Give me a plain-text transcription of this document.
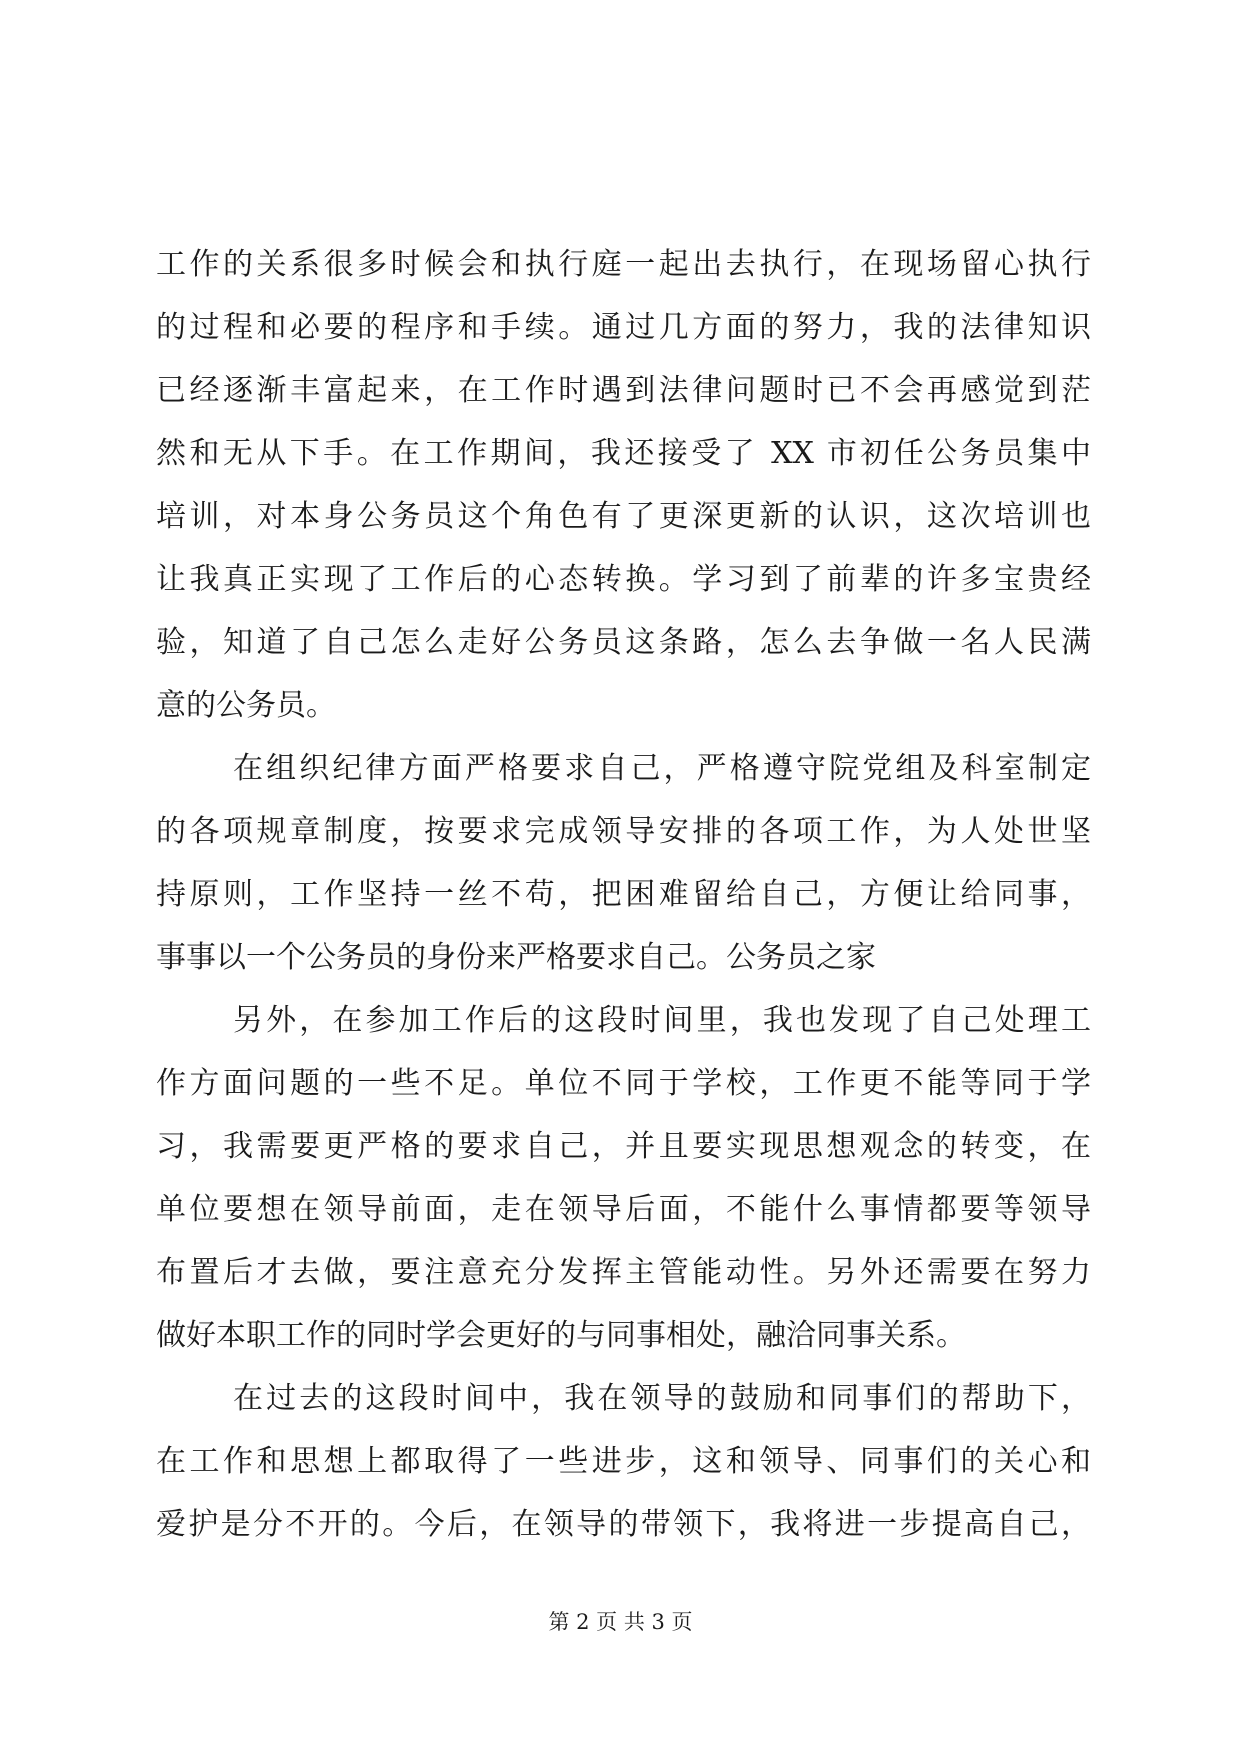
工作的关系很多时候会和执行庭一起出去执行，在现场留心执行
的过程和必要的程序和手续。通过几方面的努力，我的法律知识
已经逐渐丰富起来，在工作时遇到法律问题时已不会再感觉到茫
然和无从下手。在工作期间，我还接受了 XX 市初任公务员集中
培训，对本身公务员这个角色有了更深更新的认识，这次培训也
让我真正实现了工作后的心态转换。学习到了前辈的许多宝贵经
验，知道了自己怎么走好公务员这条路，怎么去争做一名人民满
意的公务员。
在组织纪律方面严格要求自己，严格遵守院党组及科室制定
的各项规章制度，按要求完成领导安排的各项工作，为人处世坚
持原则，工作坚持一丝不苟，把困难留给自己，方便让给同事，
事事以一个公务员的身份来严格要求自己。公务员之家
另外，在参加工作后的这段时间里，我也发现了自己处理工
作方面问题的一些不足。单位不同于学校，工作更不能等同于学
习，我需要更严格的要求自己，并且要实现思想观念的转变，在
单位要想在领导前面，走在领导后面，不能什么事情都要等领导
布置后才去做，要注意充分发挥主管能动性。另外还需要在努力
做好本职工作的同时学会更好的与同事相处，融洽同事关系。
在过去的这段时间中，我在领导的鼓励和同事们的帮助下，
在工作和思想上都取得了一些进步，这和领导、同事们的关心和
爱护是分不开的。今后，在领导的带领下，我将进一步提高自己，
第 2 页 共 3 页
